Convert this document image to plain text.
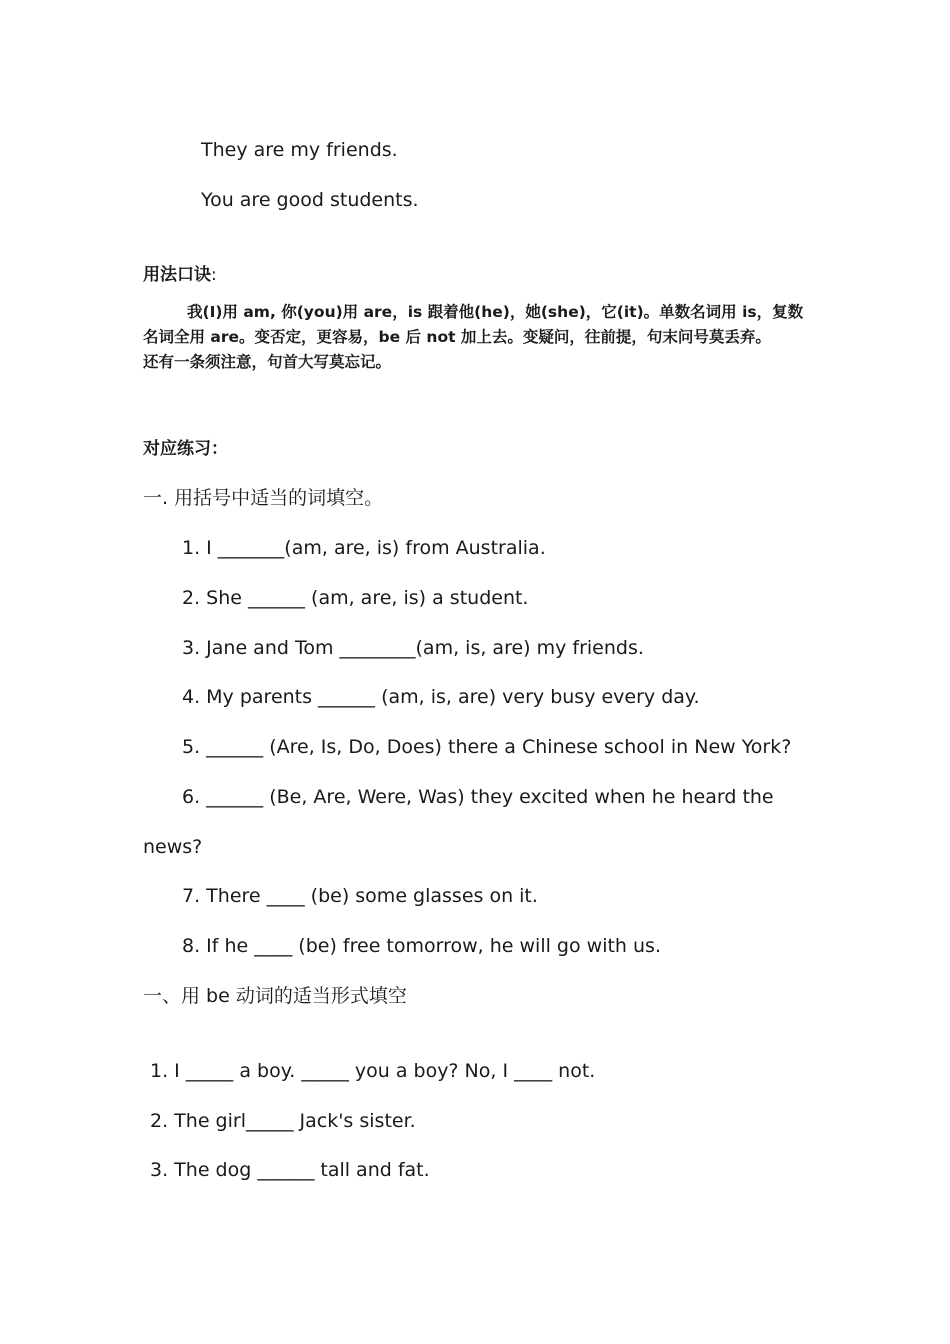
They are my friends.
You are good students.
用法口诀:
我(I)用 am, 你(you)用 are，is 跟着他(he)，她(she)，它(it)。单数名词用 is，复数
名词全用 are。变否定，更容易，be 后 not 加上去。变疑问，往前提，句末问号莫丢弃。
还有一条须注意，句首大写莫忘记。
对应练习：
一. 用括号中适当的词填空。
1. I _______(am, are, is) from Australia.
2. She ______ (am, are, is) a student.
3. Jane and Tom ________(am, is, are) my friends.
4. My parents ______ (am, is, are) very busy every day.
5. ______ (Are, Is, Do, Does) there a Chinese school in New York?
6. ______ (Be, Are, Were, Was) they excited when he heard the
news?
7. There ____ (be) some glasses on it.
8. If he ____ (be) free tomorrow, he will go with us.
一、用 be 动词的适当形式填空
1. I _____ a boy. _____ you a boy? No, I ____ not.
2. The girl_____ Jack's sister.
3. The dog ______ tall and fat.
